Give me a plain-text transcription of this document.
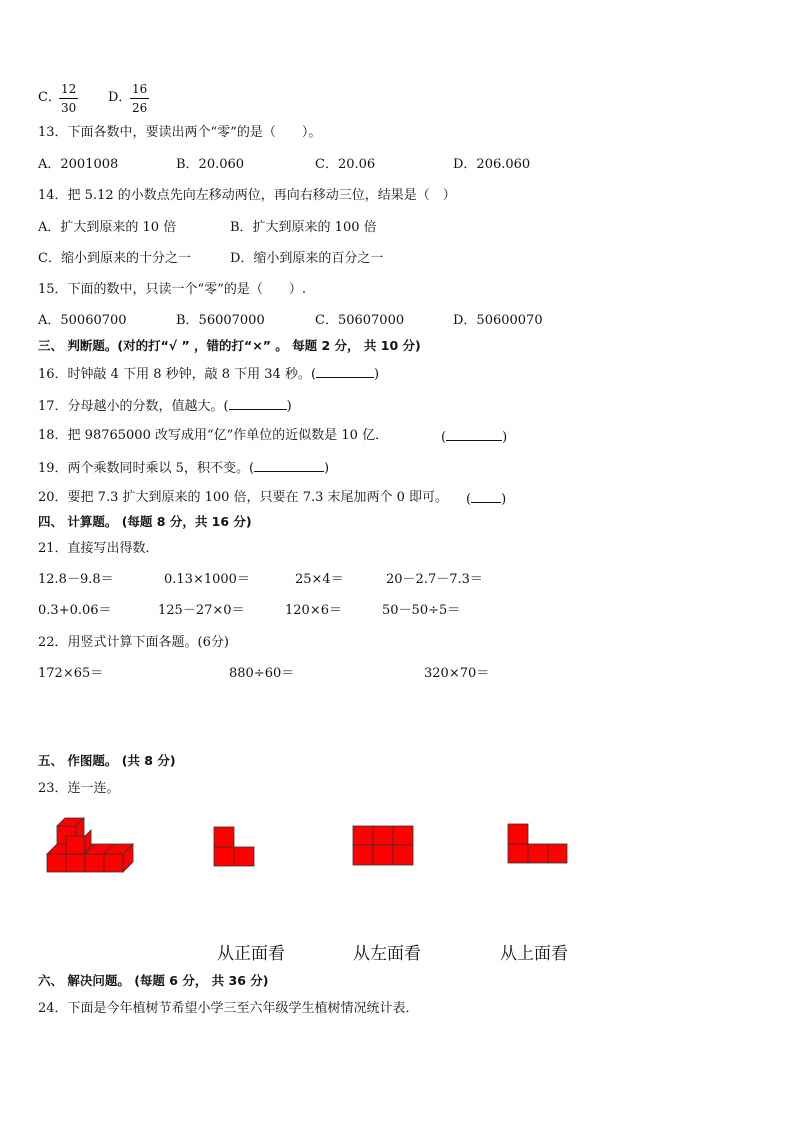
C．
$\frac{12}{30}$ D．
$\frac{16}{26}$
13．下面各数中，要读出两个“零”的是（　　）。
A．2001008	B．20.060	C．20.06	D．206.060
14．把 5.12 的小数点先向左移动两位，再向右移动三位，结果是（　）
A．扩大到原来的 10 倍	B．扩大到原来的 100 倍
C．缩小到原来的十分之一	D．缩小到原来的百分之一
15．下面的数中，只读一个“零”的是（　　）.
A．50060700	B．56007000	C．50607000	D．50600070
三、 判断题。(对的打“√ ” ，错的打“×” 。 每题 2 分， 共 10 分)
16．时钟敲 4 下用 8 秒钟，敲 8 下用 34 秒。(	)
17．分母越小的分数，值越大。(	)
18．把 98765000 改写成用“亿”作单位的近似数是 10 亿．	(	)
19．两个乘数同时乘以 5，积不变。(	)
20．要把 7.3 扩大到原来的 100 倍，只要在 7.3 末尾加两个 0 即可。 ( )
四、 计算题。 (每题 8 分，共 16 分)
21．直接写出得数．
12.8－9.8＝	0.13×1000＝	25×4＝	20－2.7－7.3＝
0.3+0.06＝	125－27×0＝	120×6＝	50－50÷5＝
22．用竖式计算下面各题。(6分)
172×65＝	880÷60＝	320×70＝
五、 作图题。 (共 8 分)
23．连一连。
从正面看	从左面看	从上面看
六、 解决问题。 (每题 6 分， 共 36 分)
24．下面是今年植树节希望小学三至六年级学生植树情况统计表．
